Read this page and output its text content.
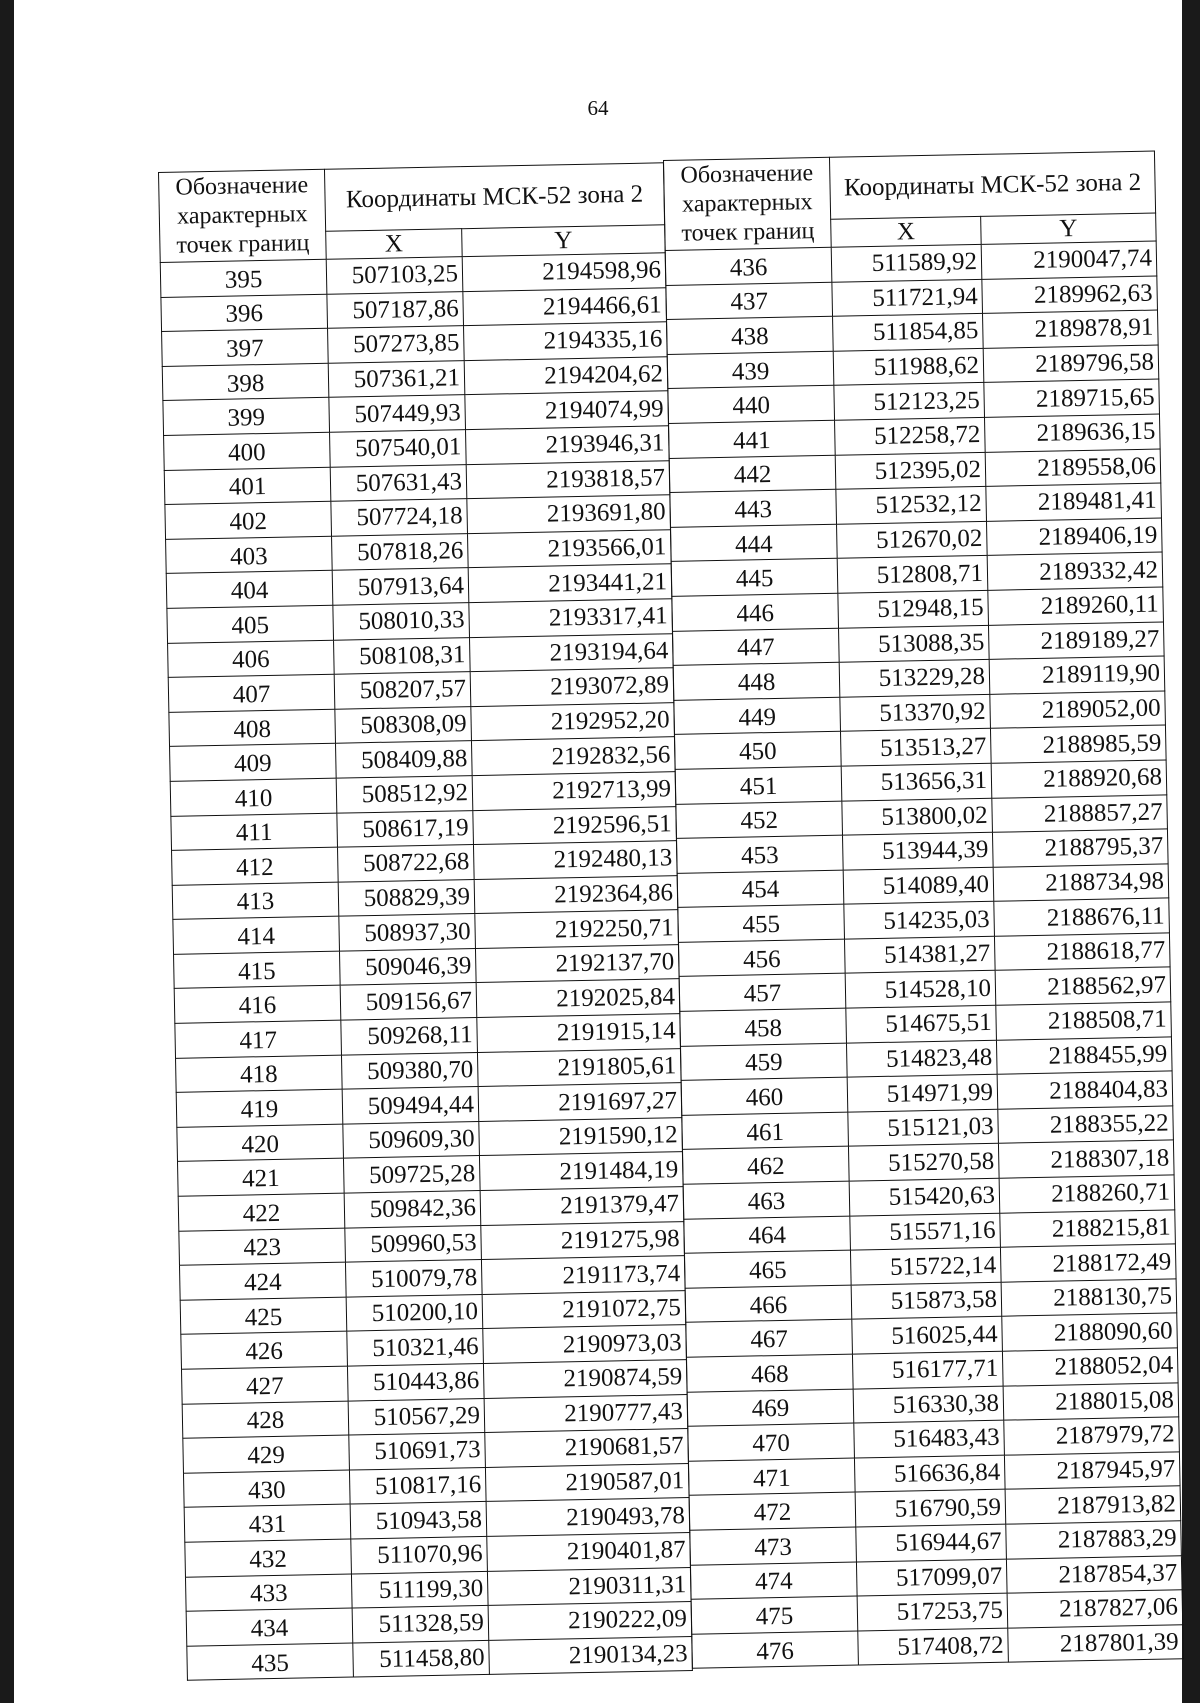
64
Обозначение характерных точек границ	Координаты МСК-52 зона 2	
	X	Y
395	507103,25	2194598,96
396	507187,86	2194466,61
397	507273,85	2194335,16
398	507361,21	2194204,62
399	507449,93	2194074,99
400	507540,01	2193946,31
401	507631,43	2193818,57
402	507724,18	2193691,80
403	507818,26	2193566,01
404	507913,64	2193441,21
405	508010,33	2193317,41
406	508108,31	2193194,64
407	508207,57	2193072,89
408	508308,09	2192952,20
409	508409,88	2192832,56
410	508512,92	2192713,99
411	508617,19	2192596,51
412	508722,68	2192480,13
413	508829,39	2192364,86
414	508937,30	2192250,71
415	509046,39	2192137,70
416	509156,67	2192025,84
417	509268,11	2191915,14
418	509380,70	2191805,61
419	509494,44	2191697,27
420	509609,30	2191590,12
421	509725,28	2191484,19
422	509842,36	2191379,47
423	509960,53	2191275,98
424	510079,78	2191173,74
425	510200,10	2191072,75
426	510321,46	2190973,03
427	510443,86	2190874,59
428	510567,29	2190777,43
429	510691,73	2190681,57
430	510817,16	2190587,01
431	510943,58	2190493,78
432	511070,96	2190401,87
433	511199,30	2190311,31
434	511328,59	2190222,09
435	511458,80	2190134,23
Обозначение характерных точек границ	Координаты МСК-52 зона 2	
	X	Y
436	511589,92	2190047,74
437	511721,94	2189962,63
438	511854,85	2189878,91
439	511988,62	2189796,58
440	512123,25	2189715,65
441	512258,72	2189636,15
442	512395,02	2189558,06
443	512532,12	2189481,41
444	512670,02	2189406,19
445	512808,71	2189332,42
446	512948,15	2189260,11
447	513088,35	2189189,27
448	513229,28	2189119,90
449	513370,92	2189052,00
450	513513,27	2188985,59
451	513656,31	2188920,68
452	513800,02	2188857,27
453	513944,39	2188795,37
454	514089,40	2188734,98
455	514235,03	2188676,11
456	514381,27	2188618,77
457	514528,10	2188562,97
458	514675,51	2188508,71
459	514823,48	2188455,99
460	514971,99	2188404,83
461	515121,03	2188355,22
462	515270,58	2188307,18
463	515420,63	2188260,71
464	515571,16	2188215,81
465	515722,14	2188172,49
466	515873,58	2188130,75
467	516025,44	2188090,60
468	516177,71	2188052,04
469	516330,38	2188015,08
470	516483,43	2187979,72
471	516636,84	2187945,97
472	516790,59	2187913,82
473	516944,67	2187883,29
474	517099,07	2187854,37
475	517253,75	2187827,06
476	517408,72	2187801,39
